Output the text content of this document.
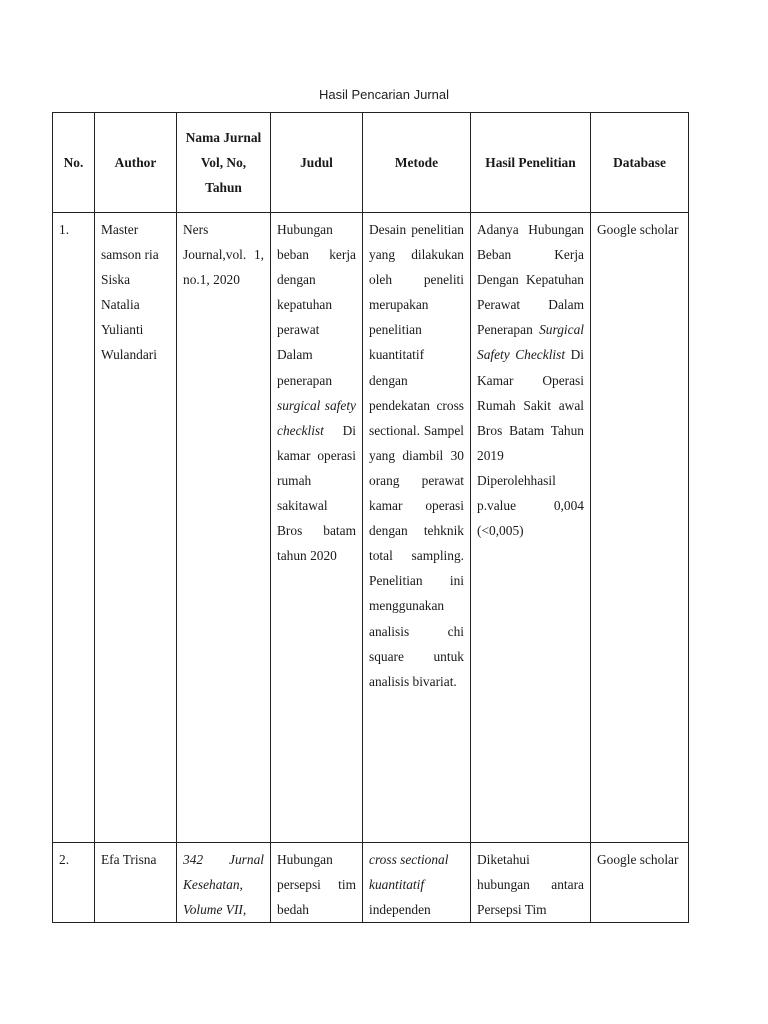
Hasil Pencarian Jurnal
No.	Author	Nama Jurnal Vol, No, Tahun	Judul	Metode	Hasil Penelitian	Database
1.	Master samson ria Siska Natalia Yulianti Wulandari	Ners Journal,vol. 1, no.1, 2020	Hubungan beban kerja dengan kepatuhan perawat Dalam penerapan surgical safety checklist Di kamar operasi rumah sakitawal Bros batam tahun 2020	Desain penelitian yang dilakukan oleh peneliti merupakan penelitian kuantitatif dengan pendekatan cross sectional. Sampel yang diambil 30 orang perawat kamar operasi dengan tehknik total sampling. Penelitian ini menggunakan analisis chi square untuk analisis bivariat.	Adanya Hubungan Beban Kerja Dengan Kepatuhan Perawat Dalam Penerapan Surgical Safety Checklist Di Kamar Operasi Rumah Sakit awal Bros Batam Tahun 2019 Diperolehhasil p.value 0,004 (<0,005)	Google scholar
2.	Efa Trisna	342 Jurnal Kesehatan, Volume VII,	Hubungan persepsi tim bedah	cross sectional kuantitatif independen	Diketahui hubungan antara Persepsi Tim	Google scholar
